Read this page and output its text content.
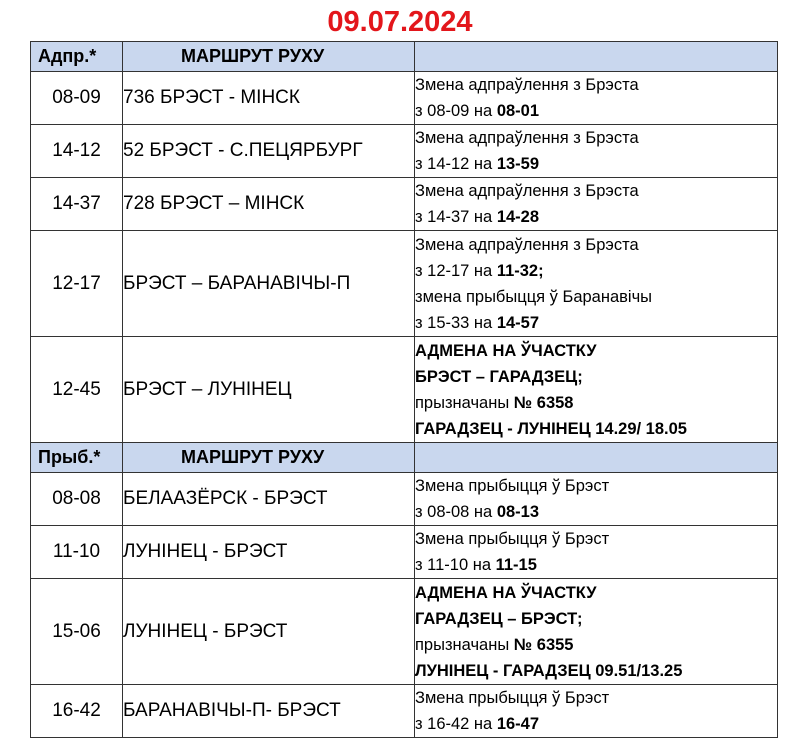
09.07.2024
Адпр.*	МАРШРУТ РУХУ	
08-09	736 БРЭСТ - МІНСК	Змена адпраўлення з Брэста
з 08-09 на 08-01

14-12	52 БРЭСТ - С.ПЕЦЯРБУРГ	Змена адпраўлення з Брэста
з 14-12 на 13-59

14-37	728 БРЭСТ – МІНСК	Змена адпраўлення з Брэста
з 14-37 на 14-28

12-17	БРЭСТ – БАРАНАВІЧЫ-П	Змена адпраўлення з Брэста
з 12-17 на 11-32;
змена прыбыцця ў Баранавічы
з 15-33 на 14-57

12-45	БРЭСТ – ЛУНІНЕЦ	АДМЕНА НА ЎЧАСТКУ
БРЭСТ – ГАРАДЗЕЦ;
прызначаны № 6358
ГАРАДЗЕЦ - ЛУНІНЕЦ 14.29/ 18.05

Прыб.*	МАРШРУТ РУХУ	
08-08	БЕЛААЗЁРСК - БРЭСТ	Змена прыбыцця ў Брэст
з 08-08 на 08-13

11-10	ЛУНІНЕЦ - БРЭСТ	Змена прыбыцця ў Брэст
з 11-10 на 11-15

15-06	ЛУНІНЕЦ - БРЭСТ	АДМЕНА НА ЎЧАСТКУ
ГАРАДЗЕЦ – БРЭСТ;
прызначаны № 6355
ЛУНІНЕЦ - ГАРАДЗЕЦ 09.51/13.25

16-42	БАРАНАВІЧЫ-П- БРЭСТ	Змена прыбыцця ў Брэст
з 16-42 на 16-47
